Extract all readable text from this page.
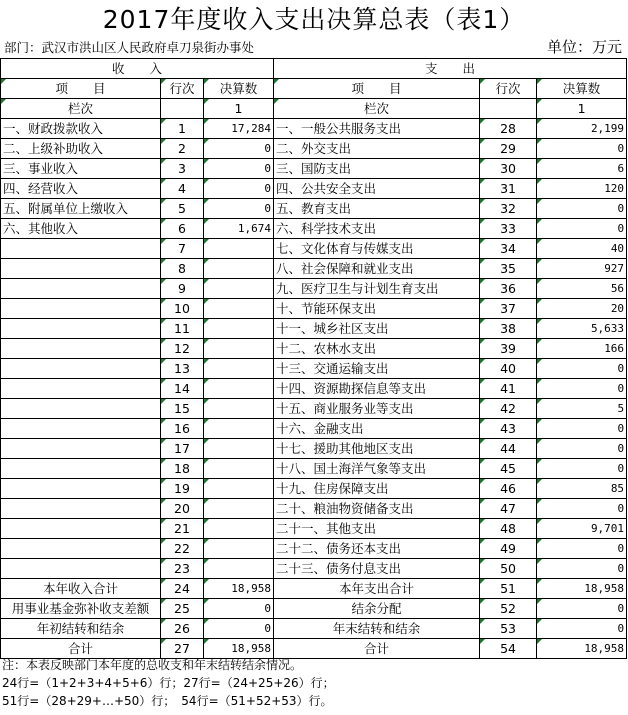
2017年度收入支出决算总表（表1）
部门：武汉市洪山区人民政府卓刀泉街办事处	单位：万元
收　　入			支　　出		
项　　目	行次	决算数	项　　目	行次	决算数
栏次		1	栏次		1
一、财政拨款收入	1	17,284	一、一般公共服务支出	28	2,199
二、上级补助收入	2	0	二、外交支出	29	0
三、事业收入	3	0	三、国防支出	30	6
四、经营收入	4	0	四、公共安全支出	31	120
五、附属单位上缴收入	5	0	五、教育支出	32	0
六、其他收入	6	1,674	六、科学技术支出	33	0
	7		七、文化体育与传媒支出	34	40
	8		八、社会保障和就业支出	35	927
	9		九、医疗卫生与计划生育支出	36	56
	10		十、节能环保支出	37	20
	11		十一、城乡社区支出	38	5,633
	12		十二、农林水支出	39	166
	13		十三、交通运输支出	40	0
	14		十四、资源勘探信息等支出	41	0
	15		十五、商业服务业等支出	42	5
	16		十六、金融支出	43	0
	17		十七、援助其他地区支出	44	0
	18		十八、国土海洋气象等支出	45	0
	19		十九、住房保障支出	46	85
	20		二十、粮油物资储备支出	47	0
	21		二十一、其他支出	48	9,701
	22		二十二、债务还本支出	49	0
	23		二十三、债务付息支出	50	0
本年收入合计	24	18,958	本年支出合计	51	18,958
用事业基金弥补收支差额	25	0	结余分配	52	0
年初结转和结余	26	0	年末结转和结余	53	0
合计	27	18,958	合计	54	18,958
注：本表反映部门本年度的总收支和年末结转结余情况。
24行=（1+2+3+4+5+6）行；27行=（24+25+26）行；
51行=（28+29+…+50）行；　54行=（51+52+53）行。
